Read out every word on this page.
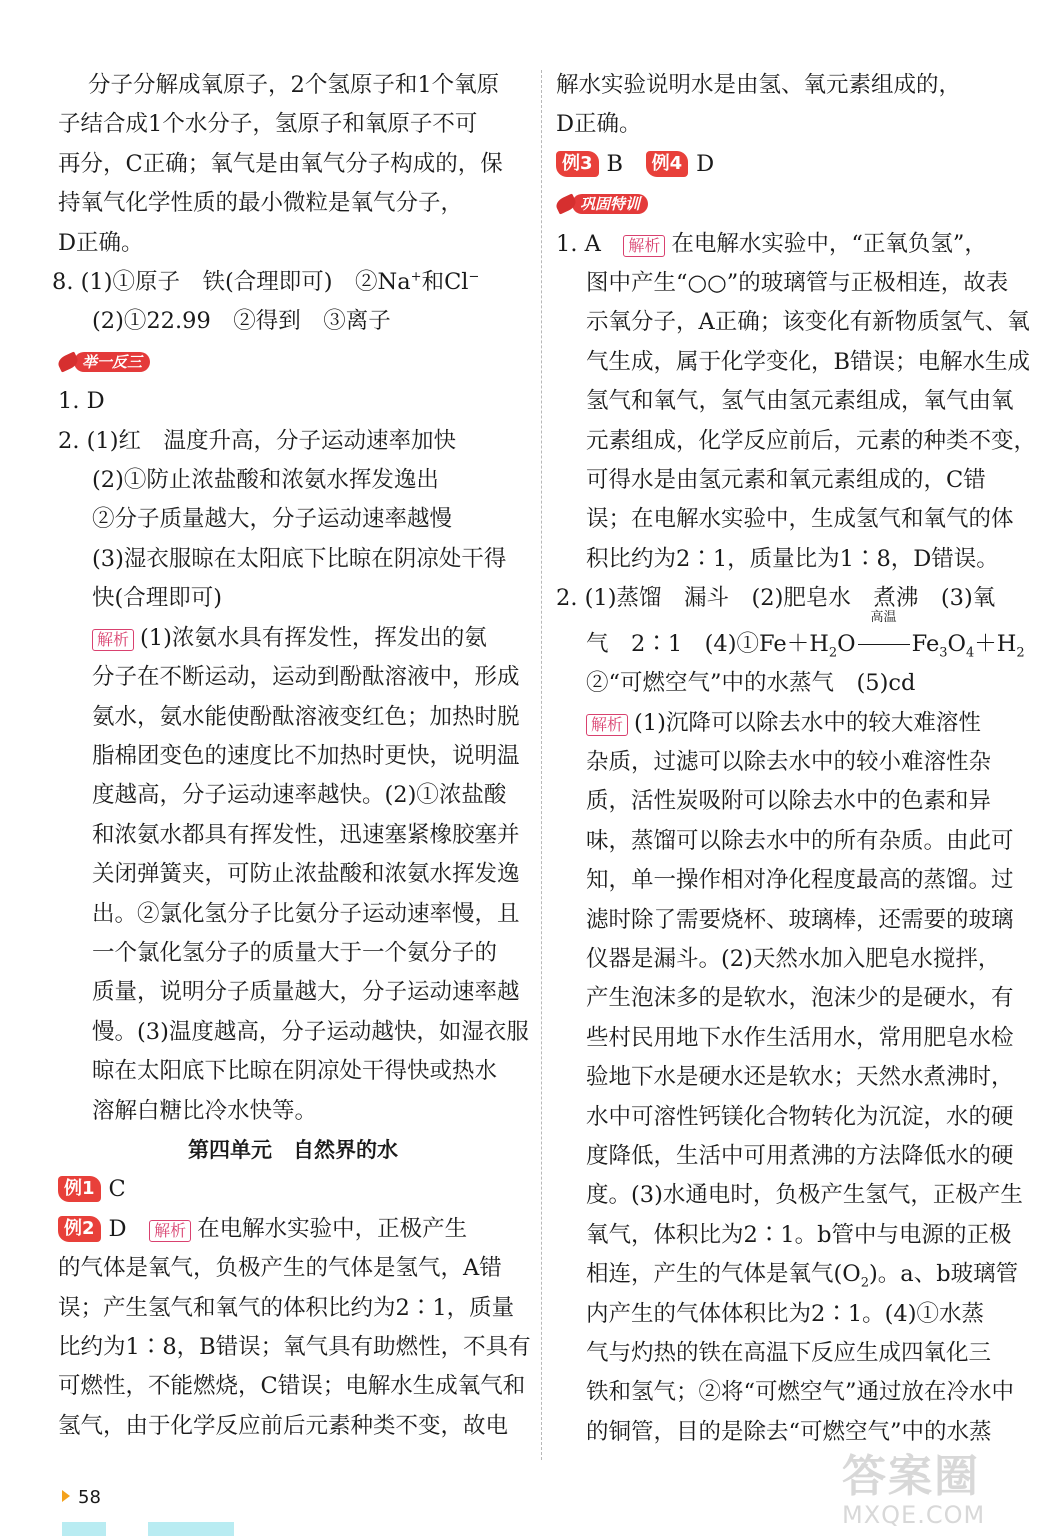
分子分解成氧原子，2个氢原子和1个氧原
子结合成1个水分子，氢原子和氧原子不可
再分，C正确；氧气是由氧气分子构成的，保
持氧气化学性质的最小微粒是氧气分子，
D正确。
8. (1)①原子　铁(合理即可)　②Na+和Cl−
(2)①22.99　②得到　③离子
举一反三
1. D
2. (1)红　温度升高，分子运动速率加快
(2)①防止浓盐酸和浓氨水挥发逸出
②分子质量越大，分子运动速率越慢
(3)湿衣服晾在太阳底下比晾在阴凉处干得
快(合理即可)
解析 (1)浓氨水具有挥发性，挥发出的氨
分子在不断运动，运动到酚酞溶液中，形成
氨水，氨水能使酚酞溶液变红色；加热时脱
脂棉团变色的速度比不加热时更快，说明温
度越高，分子运动速率越快。(2)①浓盐酸
和浓氨水都具有挥发性，迅速塞紧橡胶塞并
关闭弹簧夹，可防止浓盐酸和浓氨水挥发逸
出。②氯化氢分子比氨分子运动速率慢，且
一个氯化氢分子的质量大于一个氨分子的
质量，说明分子质量越大，分子运动速率越
慢。(3)温度越高，分子运动越快，如湿衣服
晾在太阳底下比晾在阴凉处干得快或热水
溶解白糖比冷水快等。
第四单元　自然界的水
例1 C
例2 D　 解析 在电解水实验中，正极产生
的气体是氧气，负极产生的气体是氢气，A错
误；产生氢气和氧气的体积比约为2∶1，质量
比约为1∶8，B错误；氧气具有助燃性，不具有
可燃性，不能燃烧，C错误；电解水生成氧气和
氢气，由于化学反应前后元素种类不变，故电
解水实验说明水是由氢、氧元素组成的，
D正确。
例3 B　 例4 D
巩固特训
1. A　 解析 在电解水实验中，“正氧负氢”，
图中产生“○○”的玻璃管与正极相连，故表
示氧分子，A正确；该变化有新物质氢气、氧
气生成，属于化学变化，B错误；电解水生成
氢气和氧气，氢气由氢元素组成，氧气由氧
元素组成，化学反应前后，元素的种类不变，
可得水是由氢元素和氧元素组成的，C错
误；在电解水实验中，生成氢气和氧气的体
积比约为2∶1，质量比为1∶8，D错误。
2. (1)蒸馏　漏斗　(2)肥皂水　煮沸　(3)氧
气　2∶1　$(4)①Fe+H_2O$
高温
$Fe_3O_4+H_2$
②“可燃空气”中的水蒸气　(5)cd
解析 (1)沉降可以除去水中的较大难溶性
杂质，过滤可以除去水中的较小难溶性杂
质，活性炭吸附可以除去水中的色素和异
味，蒸馏可以除去水中的所有杂质。由此可
知，单一操作相对净化程度最高的蒸馏。过
滤时除了需要烧杯、玻璃棒，还需要的玻璃
仪器是漏斗。(2)天然水加入肥皂水搅拌，
产生泡沫多的是软水，泡沫少的是硬水，有
些村民用地下水作生活用水，常用肥皂水检
验地下水是硬水还是软水；天然水煮沸时，
水中可溶性钙镁化合物转化为沉淀，水的硬
度降低，生活中可用煮沸的方法降低水的硬
度。(3)水通电时，负极产生氢气，正极产生
氧气，体积比为2∶1。b管中与电源的正极
相连，产生的气体是氧气$(O_2)$。a、b玻璃管
内产生的气体体积比为2∶1。(4)①水蒸
气与灼热的铁在高温下反应生成四氧化三
铁和氢气；②将“可燃空气”通过放在冷水中
的铜管，目的是除去“可燃空气”中的水蒸
58	答案圈
MXQE.COM
